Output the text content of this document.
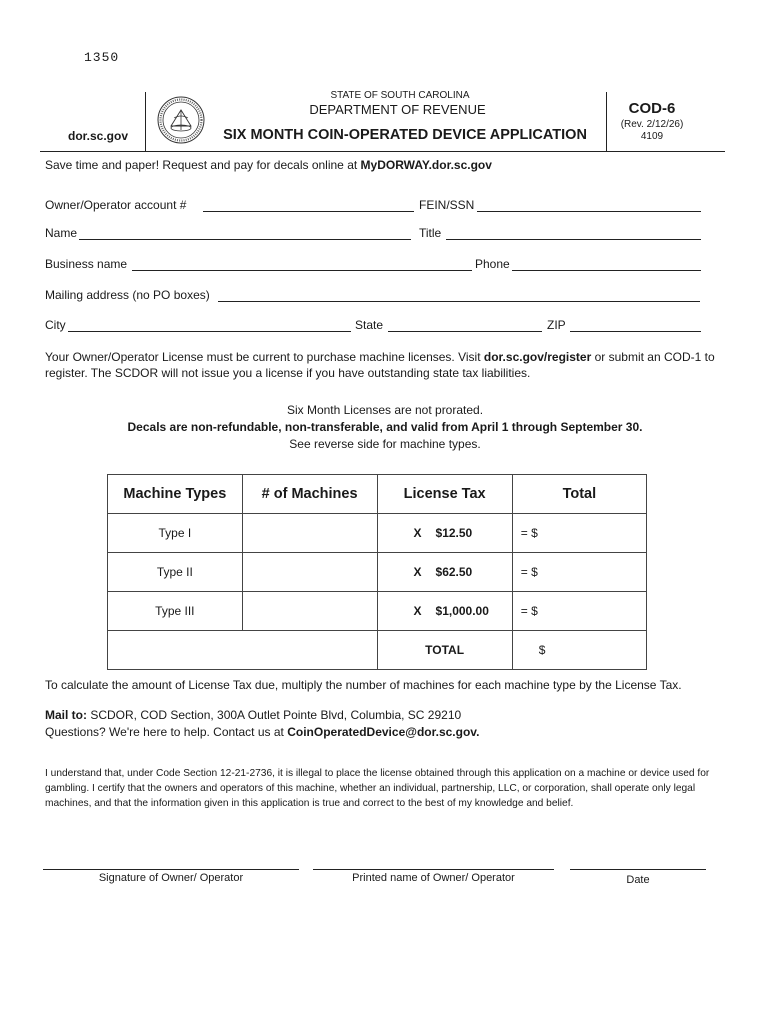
1350
dor.sc.gov
STATE OF SOUTH CAROLINA
DEPARTMENT OF REVENUE
SIX MONTH COIN-OPERATED DEVICE APPLICATION
COD-6
(Rev. 2/12/26)
4109
Save time and paper! Request and pay for decals online at MyDORWAY.dor.sc.gov
Owner/Operator account #	FEIN/SSN
Name	Title
Business name	Phone
Mailing address (no PO boxes)
City	State	ZIP
Your Owner/Operator License must be current to purchase machine licenses. Visit dor.sc.gov/register or submit an COD-1 to register. The SCDOR will not issue you a license if you have outstanding state tax liabilities.
Six Month Licenses are not prorated.
Decals are non-refundable, non-transferable, and valid from April 1 through September 30.
See reverse side for machine types.
Machine Types	# of Machines	License Tax	Total
Type I		X $12.50	= $
Type II		X $62.50	= $
Type III		X $1,000.00	= $
		TOTAL	$
To calculate the amount of License Tax due, multiply the number of machines for each machine type by the License Tax.
Mail to: SCDOR, COD Section, 300A Outlet Pointe Blvd, Columbia, SC 29210
Questions? We're here to help. Contact us at CoinOperatedDevice@dor.sc.gov.
I understand that, under Code Section 12-21-2736, it is illegal to place the license obtained through this application on a machine or device used for gambling. I certify that the owners and operators of this machine, whether an individual, partnership, LLC, or corporation, shall operate only legal machines, and that the information given in this application is true and correct to the best of my knowledge and belief.
Signature of Owner/ Operator	Printed name of Owner/ Operator	Date
